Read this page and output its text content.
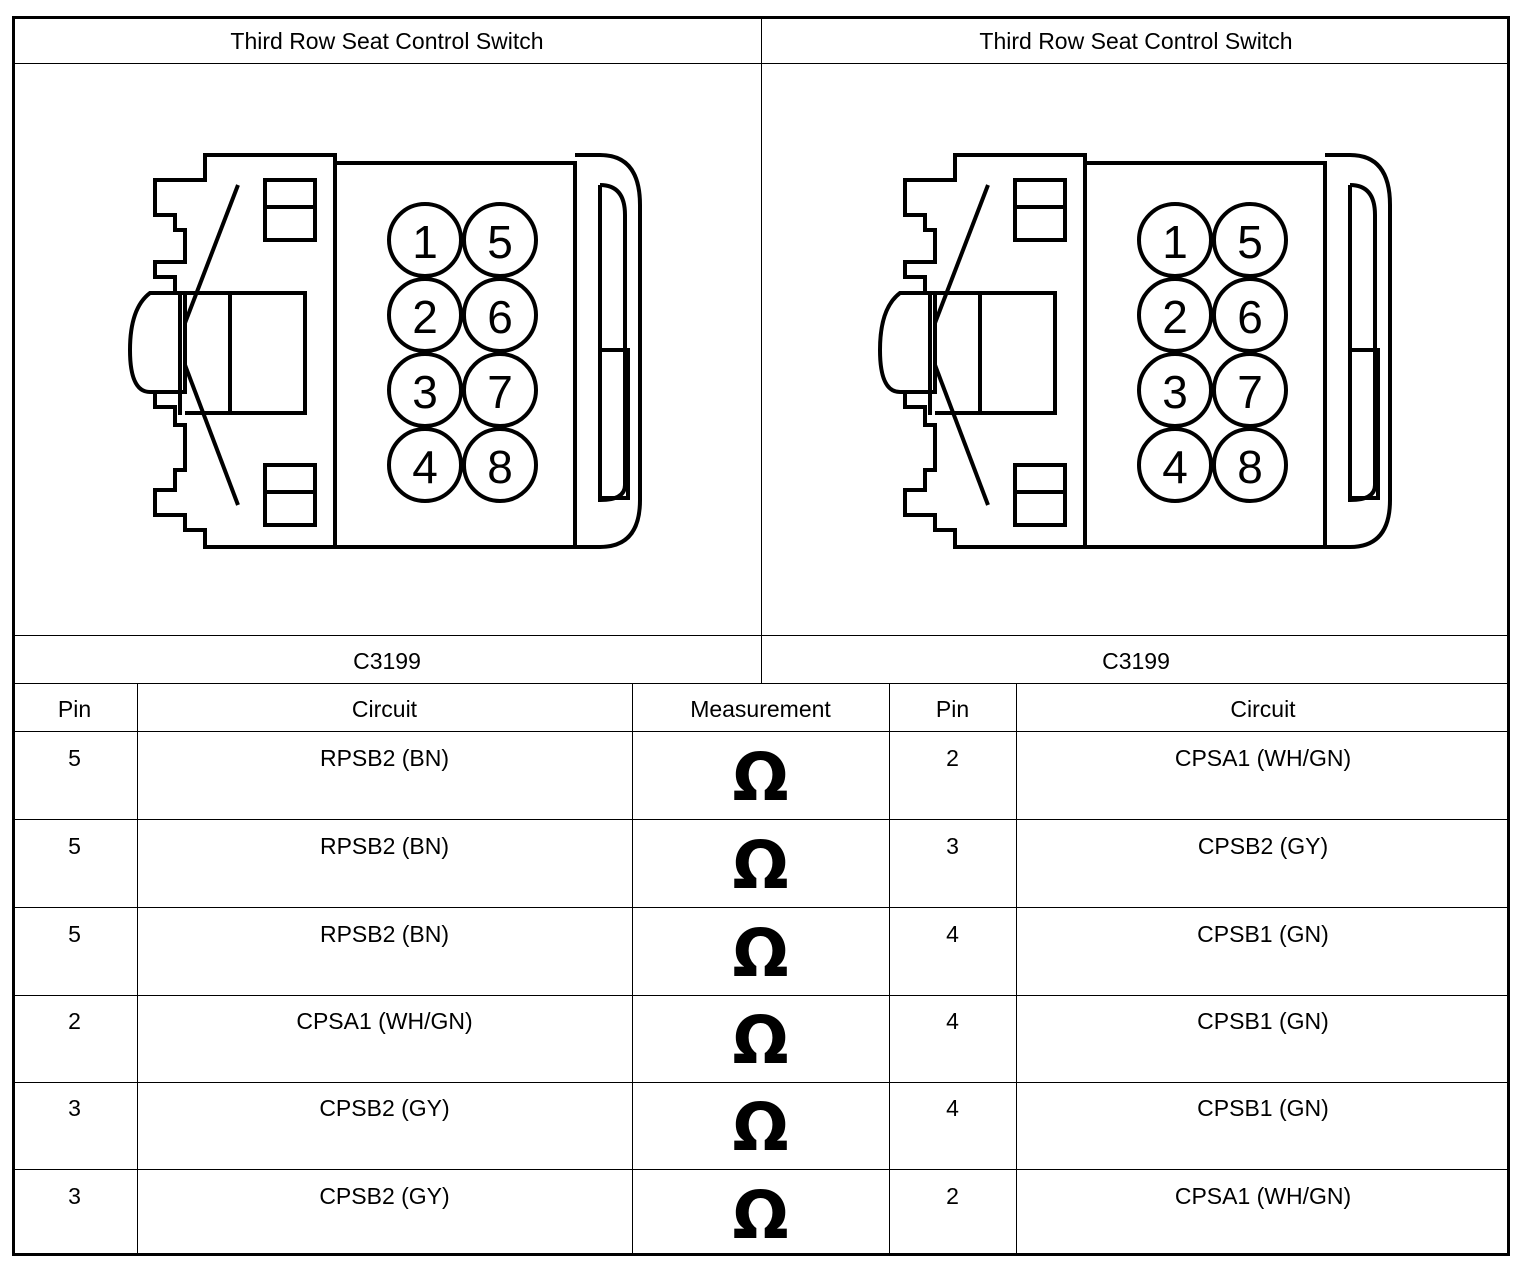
Third Row Seat Control Switch	Third Row Seat Control Switch
C3199	C3199
1 5
2 6
3 7
4 8
1 5
2 6
3 7
4 8
Pin	Circuit	Measurement	Pin	Circuit
5	RPSB2 (BN)	Ω	2	CPSA1 (WH/GN)
5	RPSB2 (BN)	Ω	3	CPSB2 (GY)
5	RPSB2 (BN)	Ω	4	CPSB1 (GN)
2	CPSA1 (WH/GN)	Ω	4	CPSB1 (GN)
3	CPSB2 (GY)	Ω	4	CPSB1 (GN)
3	CPSB2 (GY)	Ω	2	CPSA1 (WH/GN)
